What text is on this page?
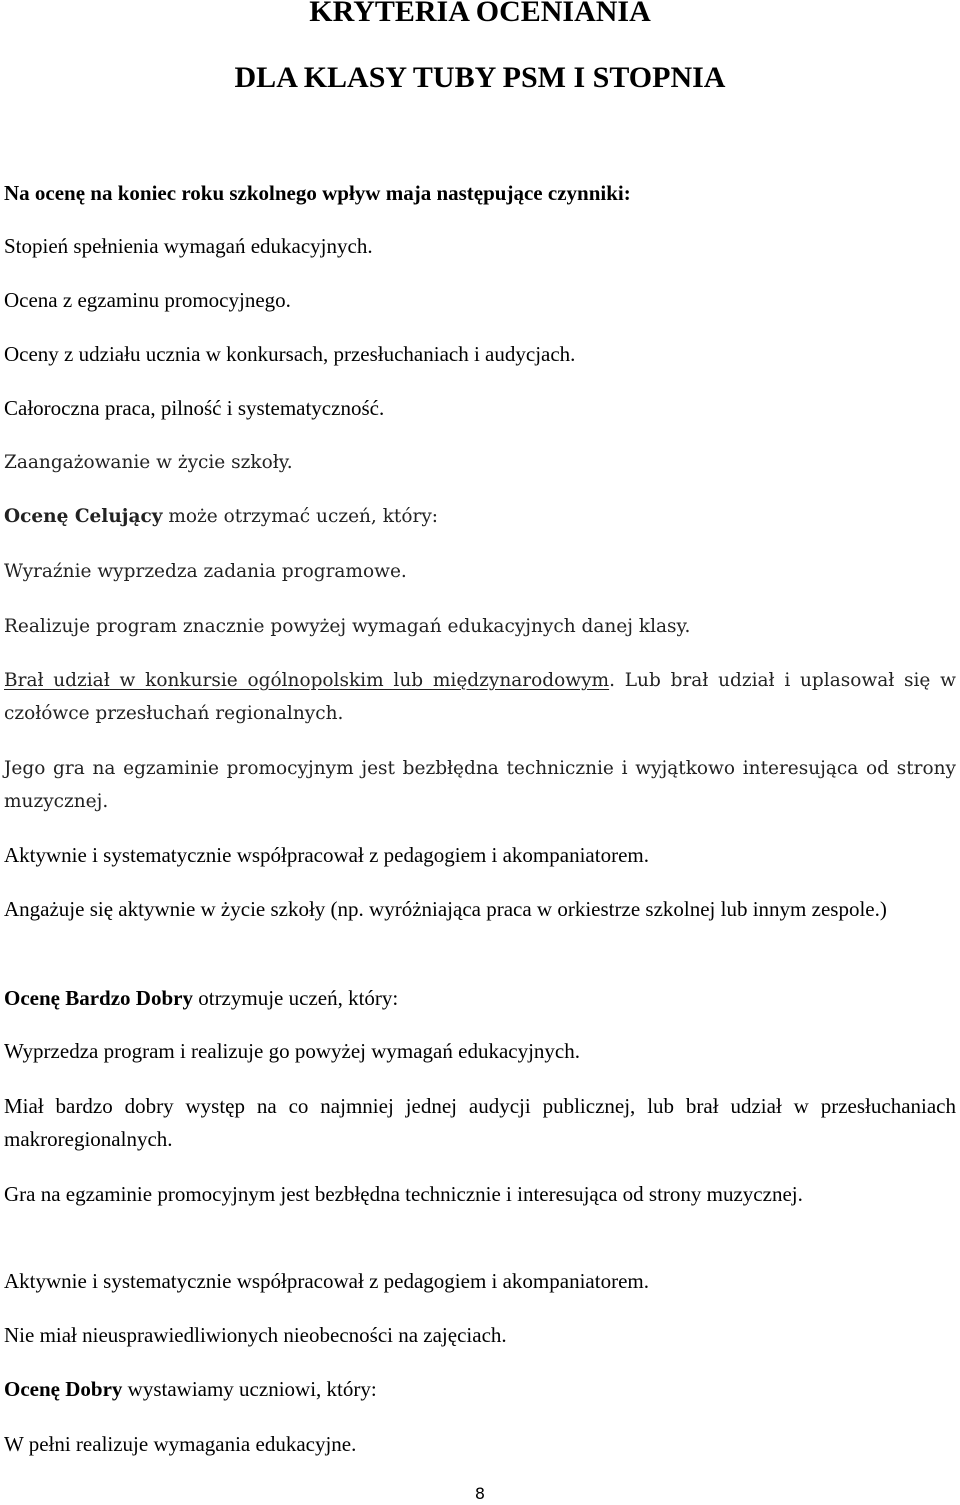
KRYTERIA OCENIANIA
DLA KLASY TUBY PSM I STOPNIA

Na ocenę na koniec roku szkolnego wpływ maja następujące czynniki:

Stopień spełnienia wymagań edukacyjnych.

Ocena z egzaminu promocyjnego.

Oceny z udziału ucznia w konkursach, przesłuchaniach i audycjach.

Całoroczna praca, pilność i systematyczność.

Zaangażowanie w życie szkoły.

Ocenę Celujący może otrzymać uczeń, który:

Wyraźnie wyprzedza zadania programowe.

Realizuje program znacznie powyżej wymagań edukacyjnych danej klasy.

Brał udział w konkursie ogólnopolskim lub międzynarodowym. Lub brał udział i uplasował się w czołówce przesłuchań regionalnych.

Jego gra na egzaminie promocyjnym jest bezbłędna technicznie i wyjątkowo interesująca od strony muzycznej.

Aktywnie i systematycznie współpracował z pedagogiem i akompaniatorem.

Angażuje się aktywnie w życie szkoły (np. wyróżniająca praca w orkiestrze szkolnej lub innym zespole.)

Ocenę Bardzo Dobry otrzymuje uczeń, który:

Wyprzedza program i realizuje go powyżej wymagań edukacyjnych.

Miał bardzo dobry występ na co najmniej jednej audycji publicznej, lub brał udział w przesłuchaniach makroregionalnych.

Gra na egzaminie promocyjnym jest bezbłędna technicznie i interesująca od strony muzycznej.

Aktywnie i systematycznie współpracował z pedagogiem i akompaniatorem.

Nie miał nieusprawiedliwionych nieobecności na zajęciach.

Ocenę Dobry wystawiamy uczniowi, który:

W pełni realizuje wymagania edukacyjne.

8
